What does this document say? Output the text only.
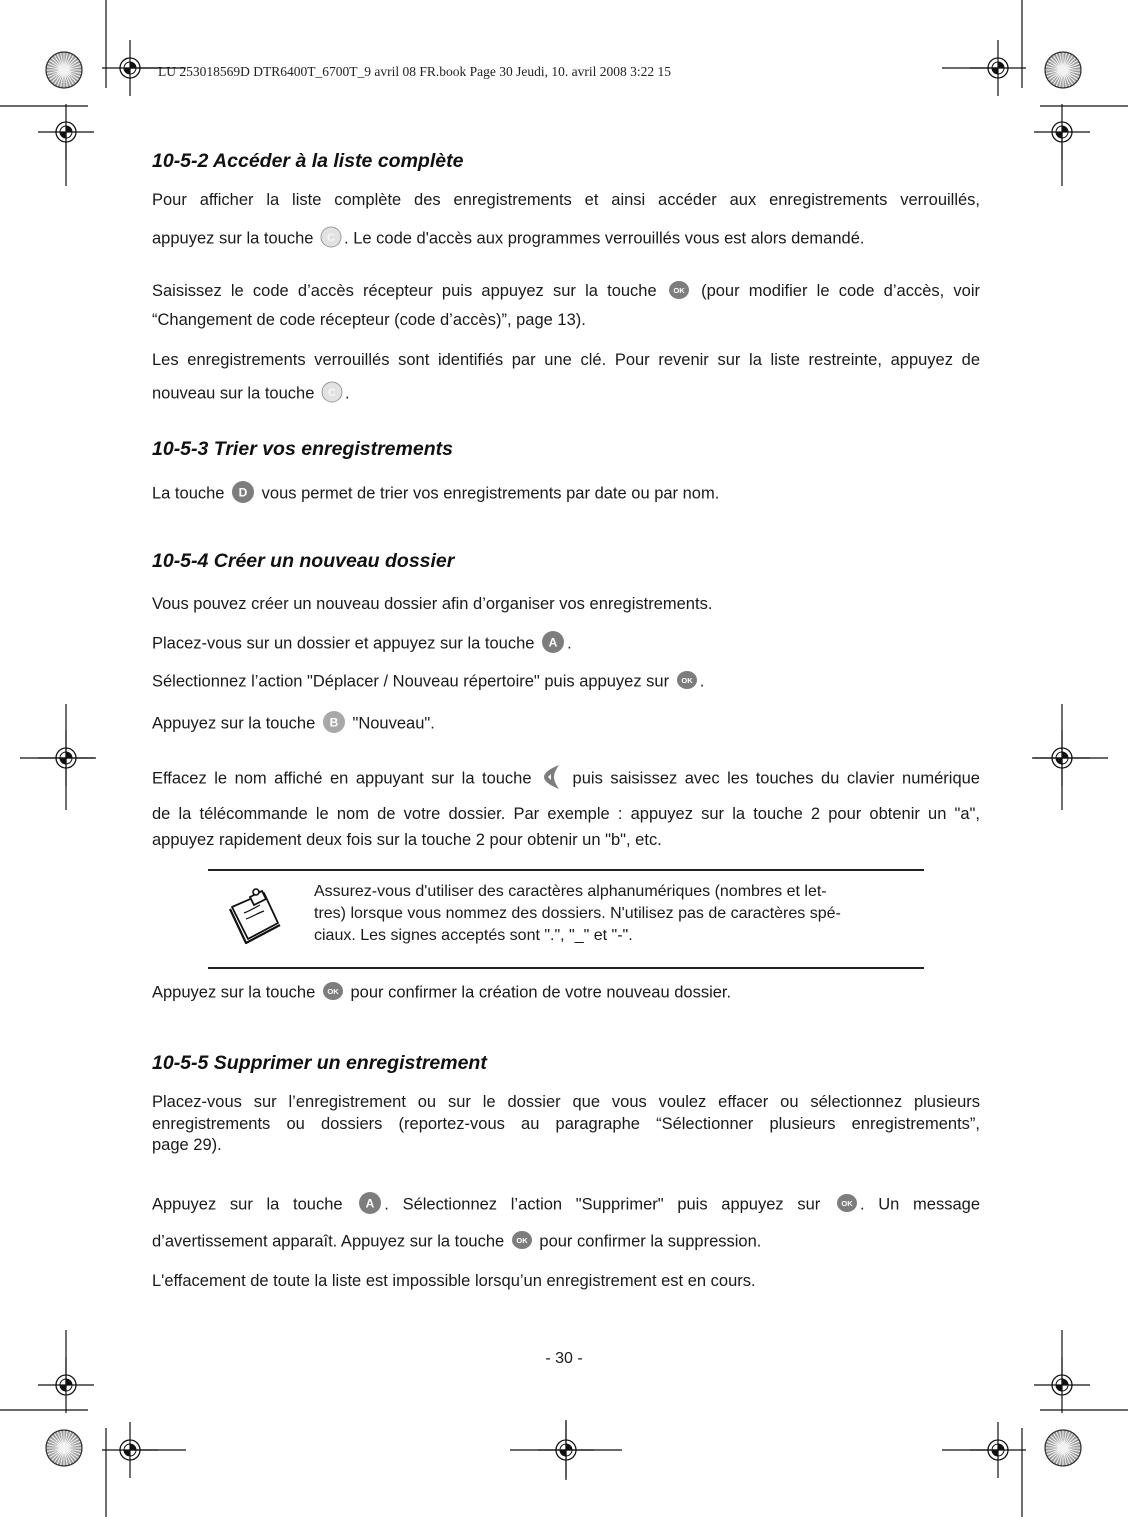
LU 253018569D DTR6400T_6700T_9 avril 08 FR.book Page 30 Jeudi, 10. avril 2008 3:22 15
10-5-2 Accéder à la liste complète
Pour afficher la liste complète des enregistrements et ainsi accéder aux enregistrements verrouillés,
appuyez sur la touche C . Le code d'accès aux programmes verrouillés vous est alors demandé.
Saisissez le code d’accès récepteur puis appuyez sur la touche OK (pour modifier le code d’accès, voir
“Changement de code récepteur (code d’accès)”, page 13).
Les enregistrements verrouillés sont identifiés par une clé. Pour revenir sur la liste restreinte, appuyez de
nouveau sur la touche C .
10-5-3 Trier vos enregistrements
La touche D vous permet de trier vos enregistrements par date ou par nom.
10-5-4 Créer un nouveau dossier
Vous pouvez créer un nouveau dossier afin d’organiser vos enregistrements.
Placez-vous sur un dossier et appuyez sur la touche A .
Sélectionnez l’action "Déplacer / Nouveau répertoire" puis appuyez sur OK .
Appuyez sur la touche B "Nouveau".
Effacez le nom affiché en appuyant sur la touche puis saisissez avec les touches du clavier numérique
de la télécommande le nom de votre dossier. Par exemple : appuyez sur la touche 2 pour obtenir un "a",
appuyez rapidement deux fois sur la touche 2 pour obtenir un "b", etc.
Assurez-vous d'utiliser des caractères alphanumériques (nombres et let-
tres) lorsque vous nommez des dossiers. N'utilisez pas de caractères spé-
ciaux. Les signes acceptés sont ".", "_" et "-".
Appuyez sur la touche OK pour confirmer la création de votre nouveau dossier.
10-5-5 Supprimer un enregistrement
Placez-vous sur l’enregistrement ou sur le dossier que vous voulez effacer ou sélectionnez plusieurs
enregistrements ou dossiers (reportez-vous au paragraphe “Sélectionner plusieurs enregistrements”,
page 29).
Appuyez sur la touche A . Sélectionnez l’action "Supprimer" puis appuyez sur	OK . Un message
d’avertissement apparaît. Appuyez sur la touche OK pour confirmer la suppression.
L'effacement de toute la liste est impossible lorsqu’un enregistrement est en cours.
- 30 -
